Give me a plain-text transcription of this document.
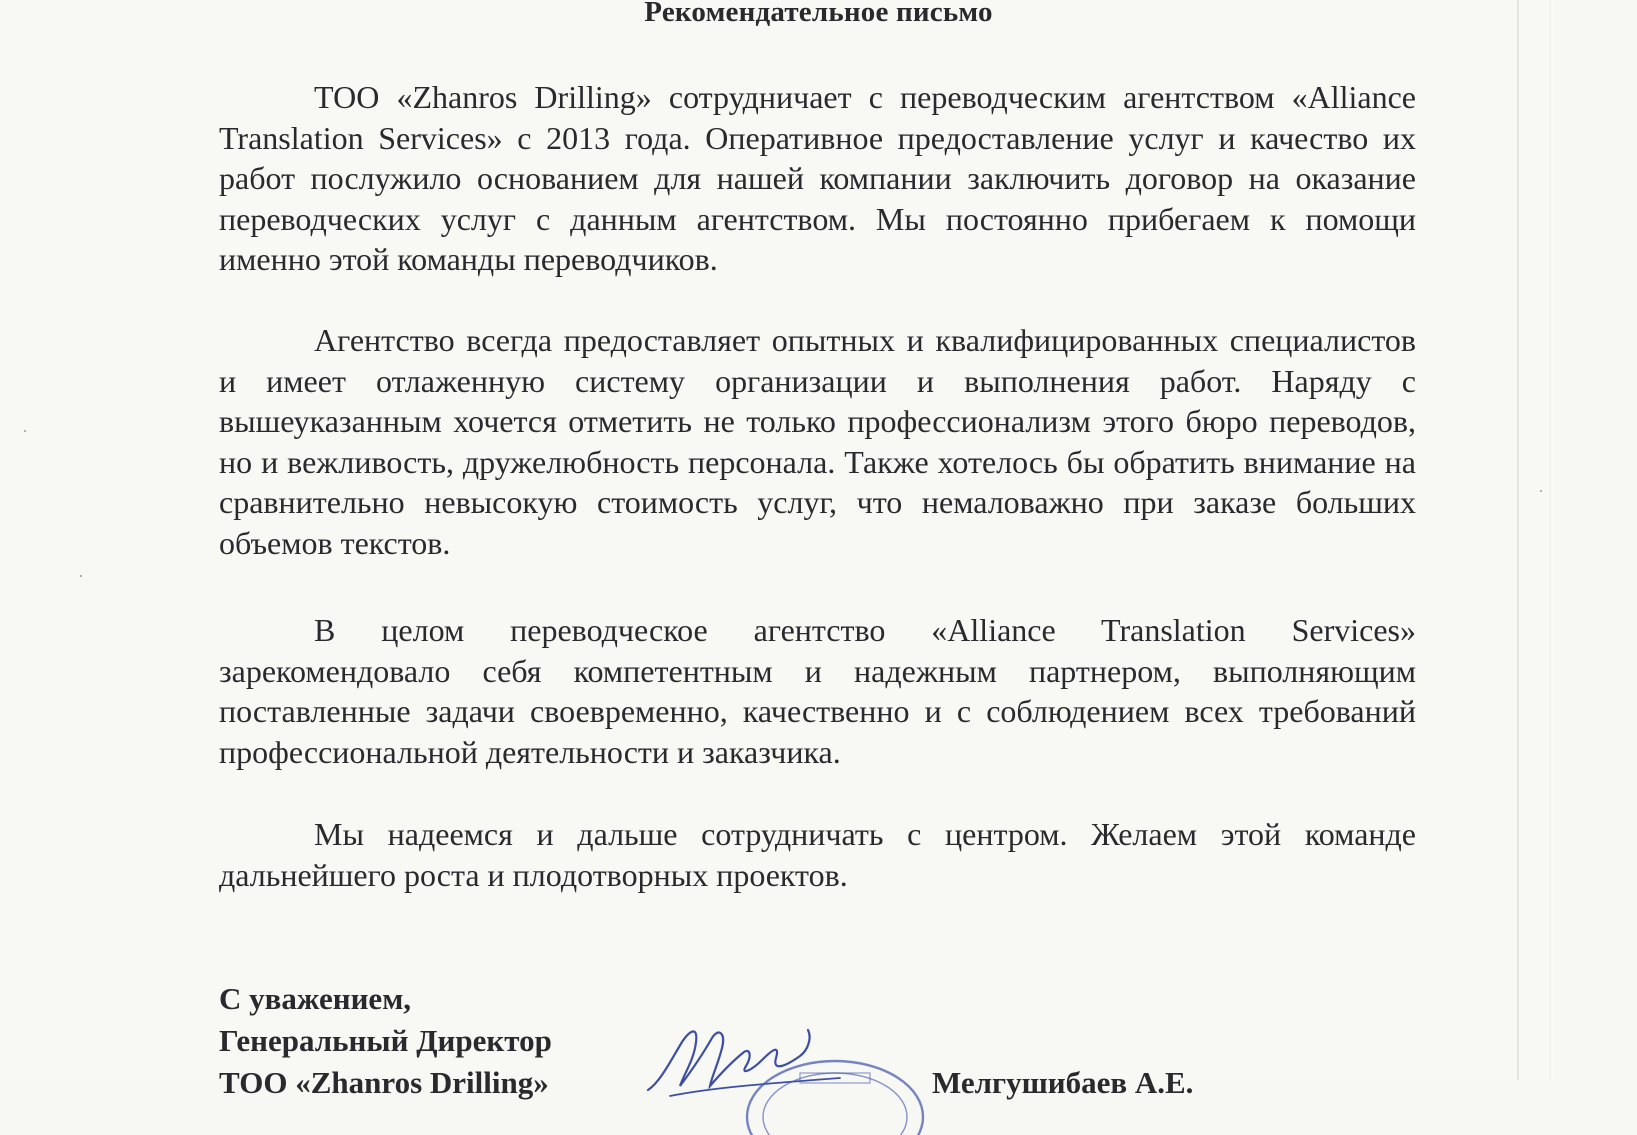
Рекомендательное письмо

ТОО «Zhanros Drilling» сотрудничает с переводческим агентством «Alliance Translation Services» с 2013 года. Оперативное предоставление услуг и качество их работ послужило основанием для нашей компании заключить договор на оказание переводческих услуг с данным агентством. Мы постоянно прибегаем к помощи именно этой команды переводчиков.

Агентство всегда предоставляет опытных и квалифицированных специалистов и имеет отлаженную систему организации и выполнения работ. Наряду с вышеуказанным хочется отметить не только профессионализм этого бюро переводов, но и вежливость, дружелюбность персонала. Также хотелось бы обратить внимание на сравнительно невысокую стоимость услуг, что немаловажно при заказе больших объемов текстов.

В целом переводческое агентство «Alliance Translation Services» зарекомендовало себя компетентным и надежным партнером, выполняющим поставленные задачи своевременно, качественно и с соблюдением всех требований профессиональной деятельности и заказчика.

Мы надеемся и дальше сотрудничать с центром. Желаем этой команде дальнейшего роста и плодотворных проектов.

С уважением,
Генеральный Директор
ТОО «Zhanros Drilling»	Мелгушибаев А.Е.
